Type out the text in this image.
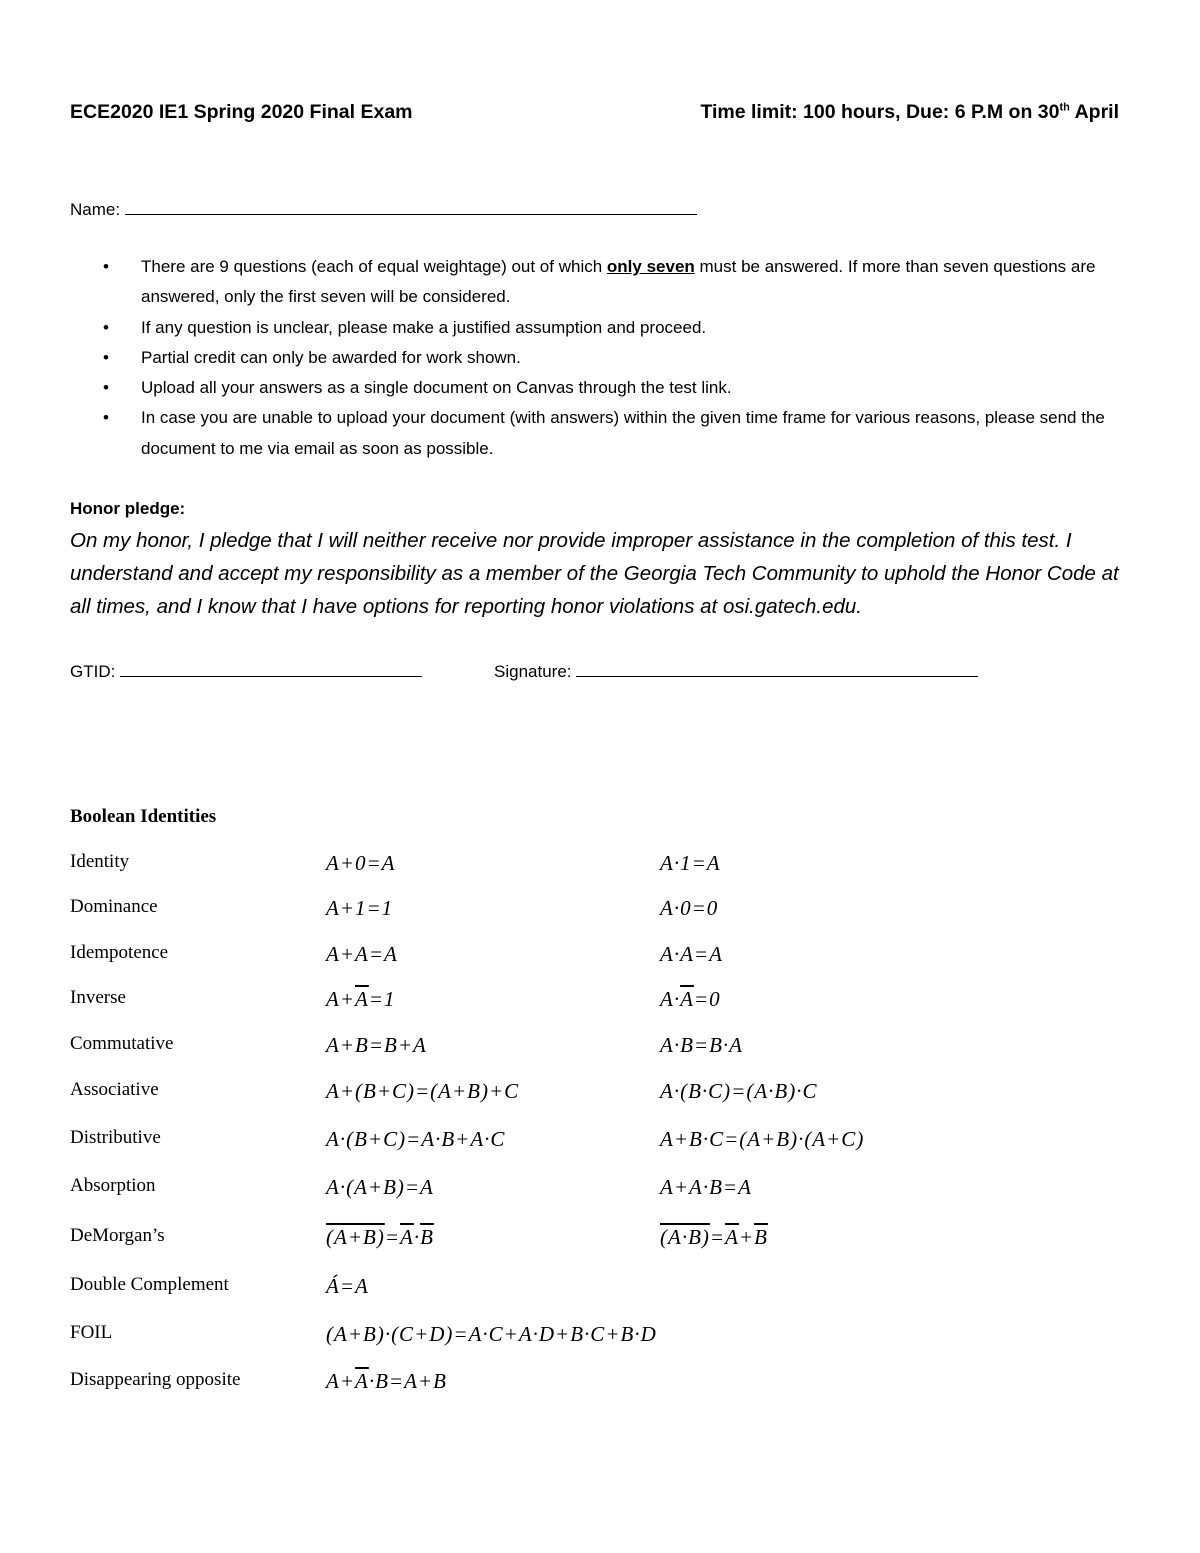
ECE2020 IE1 Spring 2020 Final Exam	Time limit: 100 hours, Due: 6 P.M on 30th April
Name:
• There are 9 questions (each of equal weightage) out of which only seven must be answered. If more than seven questions are answered, only the first seven will be considered.
• If any question is unclear, please make a justified assumption and proceed.
• Partial credit can only be awarded for work shown.
• Upload all your answers as a single document on Canvas through the test link.
• In case you are unable to upload your document (with answers) within the given time frame for various reasons, please send the document to me via email as soon as possible.
Honor pledge:
On my honor, I pledge that I will neither receive nor provide improper assistance in the completion of this test. I understand and accept my responsibility as a member of the Georgia Tech Community to uphold the Honor Code at all times, and I know that I have options for reporting honor violations at osi.gatech.edu.
GTID:	Signature:
Boolean Identities
Identity	A+0=A	A·1=A
Dominance	A+1=1	A·0=0
Idempotence	A+A=A	A·A=A
Inverse	$A+\overline{A}=1$	$A\cdot\overline{A}=0$
Commutative	A+B=B+A	A·B=B·A
Associative	A+(B+C)=(A+B)+C	A·(B·C)=(A·B)·C
Distributive	A·(B+C)=A·B+A·C	A+B·C=(A+B)·(A+C)
Absorption	A·(A+B)=A	A+A·B=A
DeMorgan’s	$(A+B)=\overline{A}\cdot\overline{B}$	$(A\cdot B)=\overline{A}+\overline{B}$
Double Complement	Á=A
FOIL	(A+B)·(C+D)=A·C+A·D+B·C+B·D
Disappearing opposite	$A+\overline{A}\cdot B=A+B$
